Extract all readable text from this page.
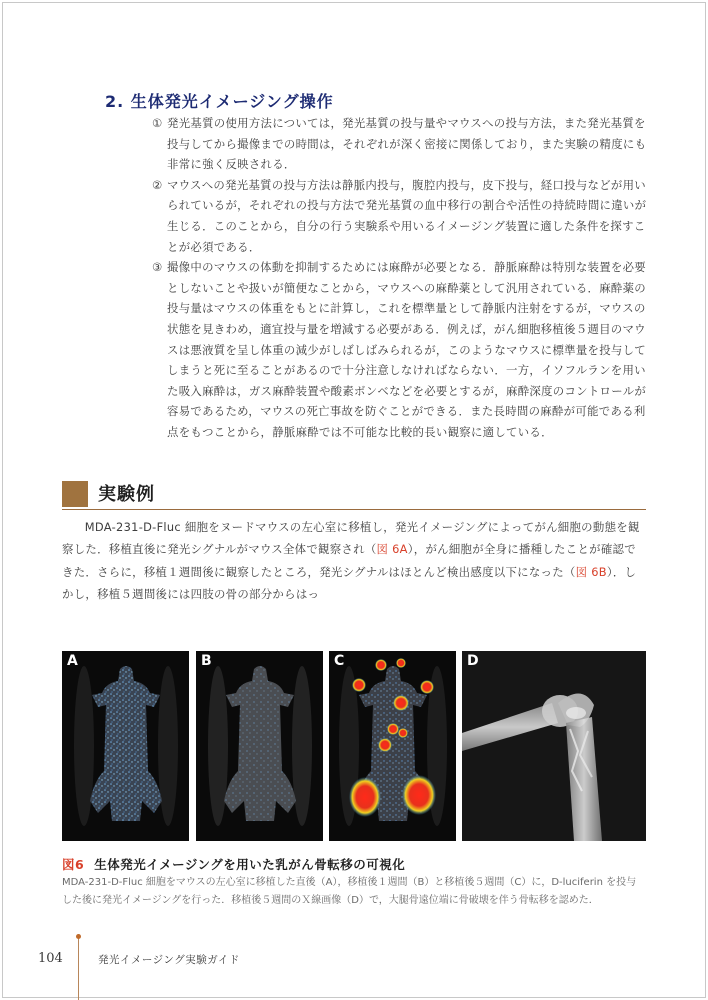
2. 生体発光イメージング操作
① 発光基質の使用方法については，発光基質の投与量やマウスへの投与方法，また発光基質を投与してから撮像までの時間は，それぞれが深く密接に関係しており，また実験の精度にも非常に強く反映される．

② マウスへの発光基質の投与方法は静脈内投与，腹腔内投与，皮下投与，経口投与などが用いられているが，それぞれの投与方法で発光基質の血中移行の割合や活性の持続時間に違いが生じる．このことから，自分の行う実験系や用いるイメージング装置に適した条件を探すことが必須である．

③ 撮像中のマウスの体動を抑制するためには麻酔が必要となる．静脈麻酔は特別な装置を必要としないことや扱いが簡便なことから，マウスへの麻酔薬として汎用されている．麻酔薬の投与量はマウスの体重をもとに計算し，これを標準量として静脈内注射をするが，マウスの状態を見きわめ，適宜投与量を増減する必要がある．例えば，がん細胞移植後５週目のマウスは悪液質を呈し体重の減少がしばしばみられるが，このようなマウスに標準量を投与してしまうと死に至ることがあるので十分注意しなければならない．一方，イソフルランを用いた吸入麻酔は，ガス麻酔装置や酸素ボンベなどを必要とするが，麻酔深度のコントロールが容易であるため，マウスの死亡事故を防ぐことができる．また長時間の麻酔が可能である利点をもつことから，静脈麻酔では不可能な比較的長い観察に適している．

実験例

MDA-231-D-Fluc 細胞をヌードマウスの左心室に移植し，発光イメージングによってがん細胞の動態を観察した．移植直後に発光シグナルがマウス全体で観察され（図 6A），がん細胞が全身に播種したことが確認できた．さらに，移植１週間後に観察したところ，発光シグナルはほとんど検出感度以下になった（図 6B）．しかし，移植５週間後には四肢の骨の部分からはっ

A	B	C	D
図6 生体発光イメージングを用いた乳がん骨転移の可視化
MDA-231-D-Fluc 細胞をマウスの左心室に移植した直後（A），移植後１週間（B）と移植後５週間（C）に，D-luciferin を投与した後に発光イメージングを行った．移植後５週間のＸ線画像（D）で，大腿骨遠位端に骨破壊を伴う骨転移を認めた．
104	発光イメージング実験ガイド
